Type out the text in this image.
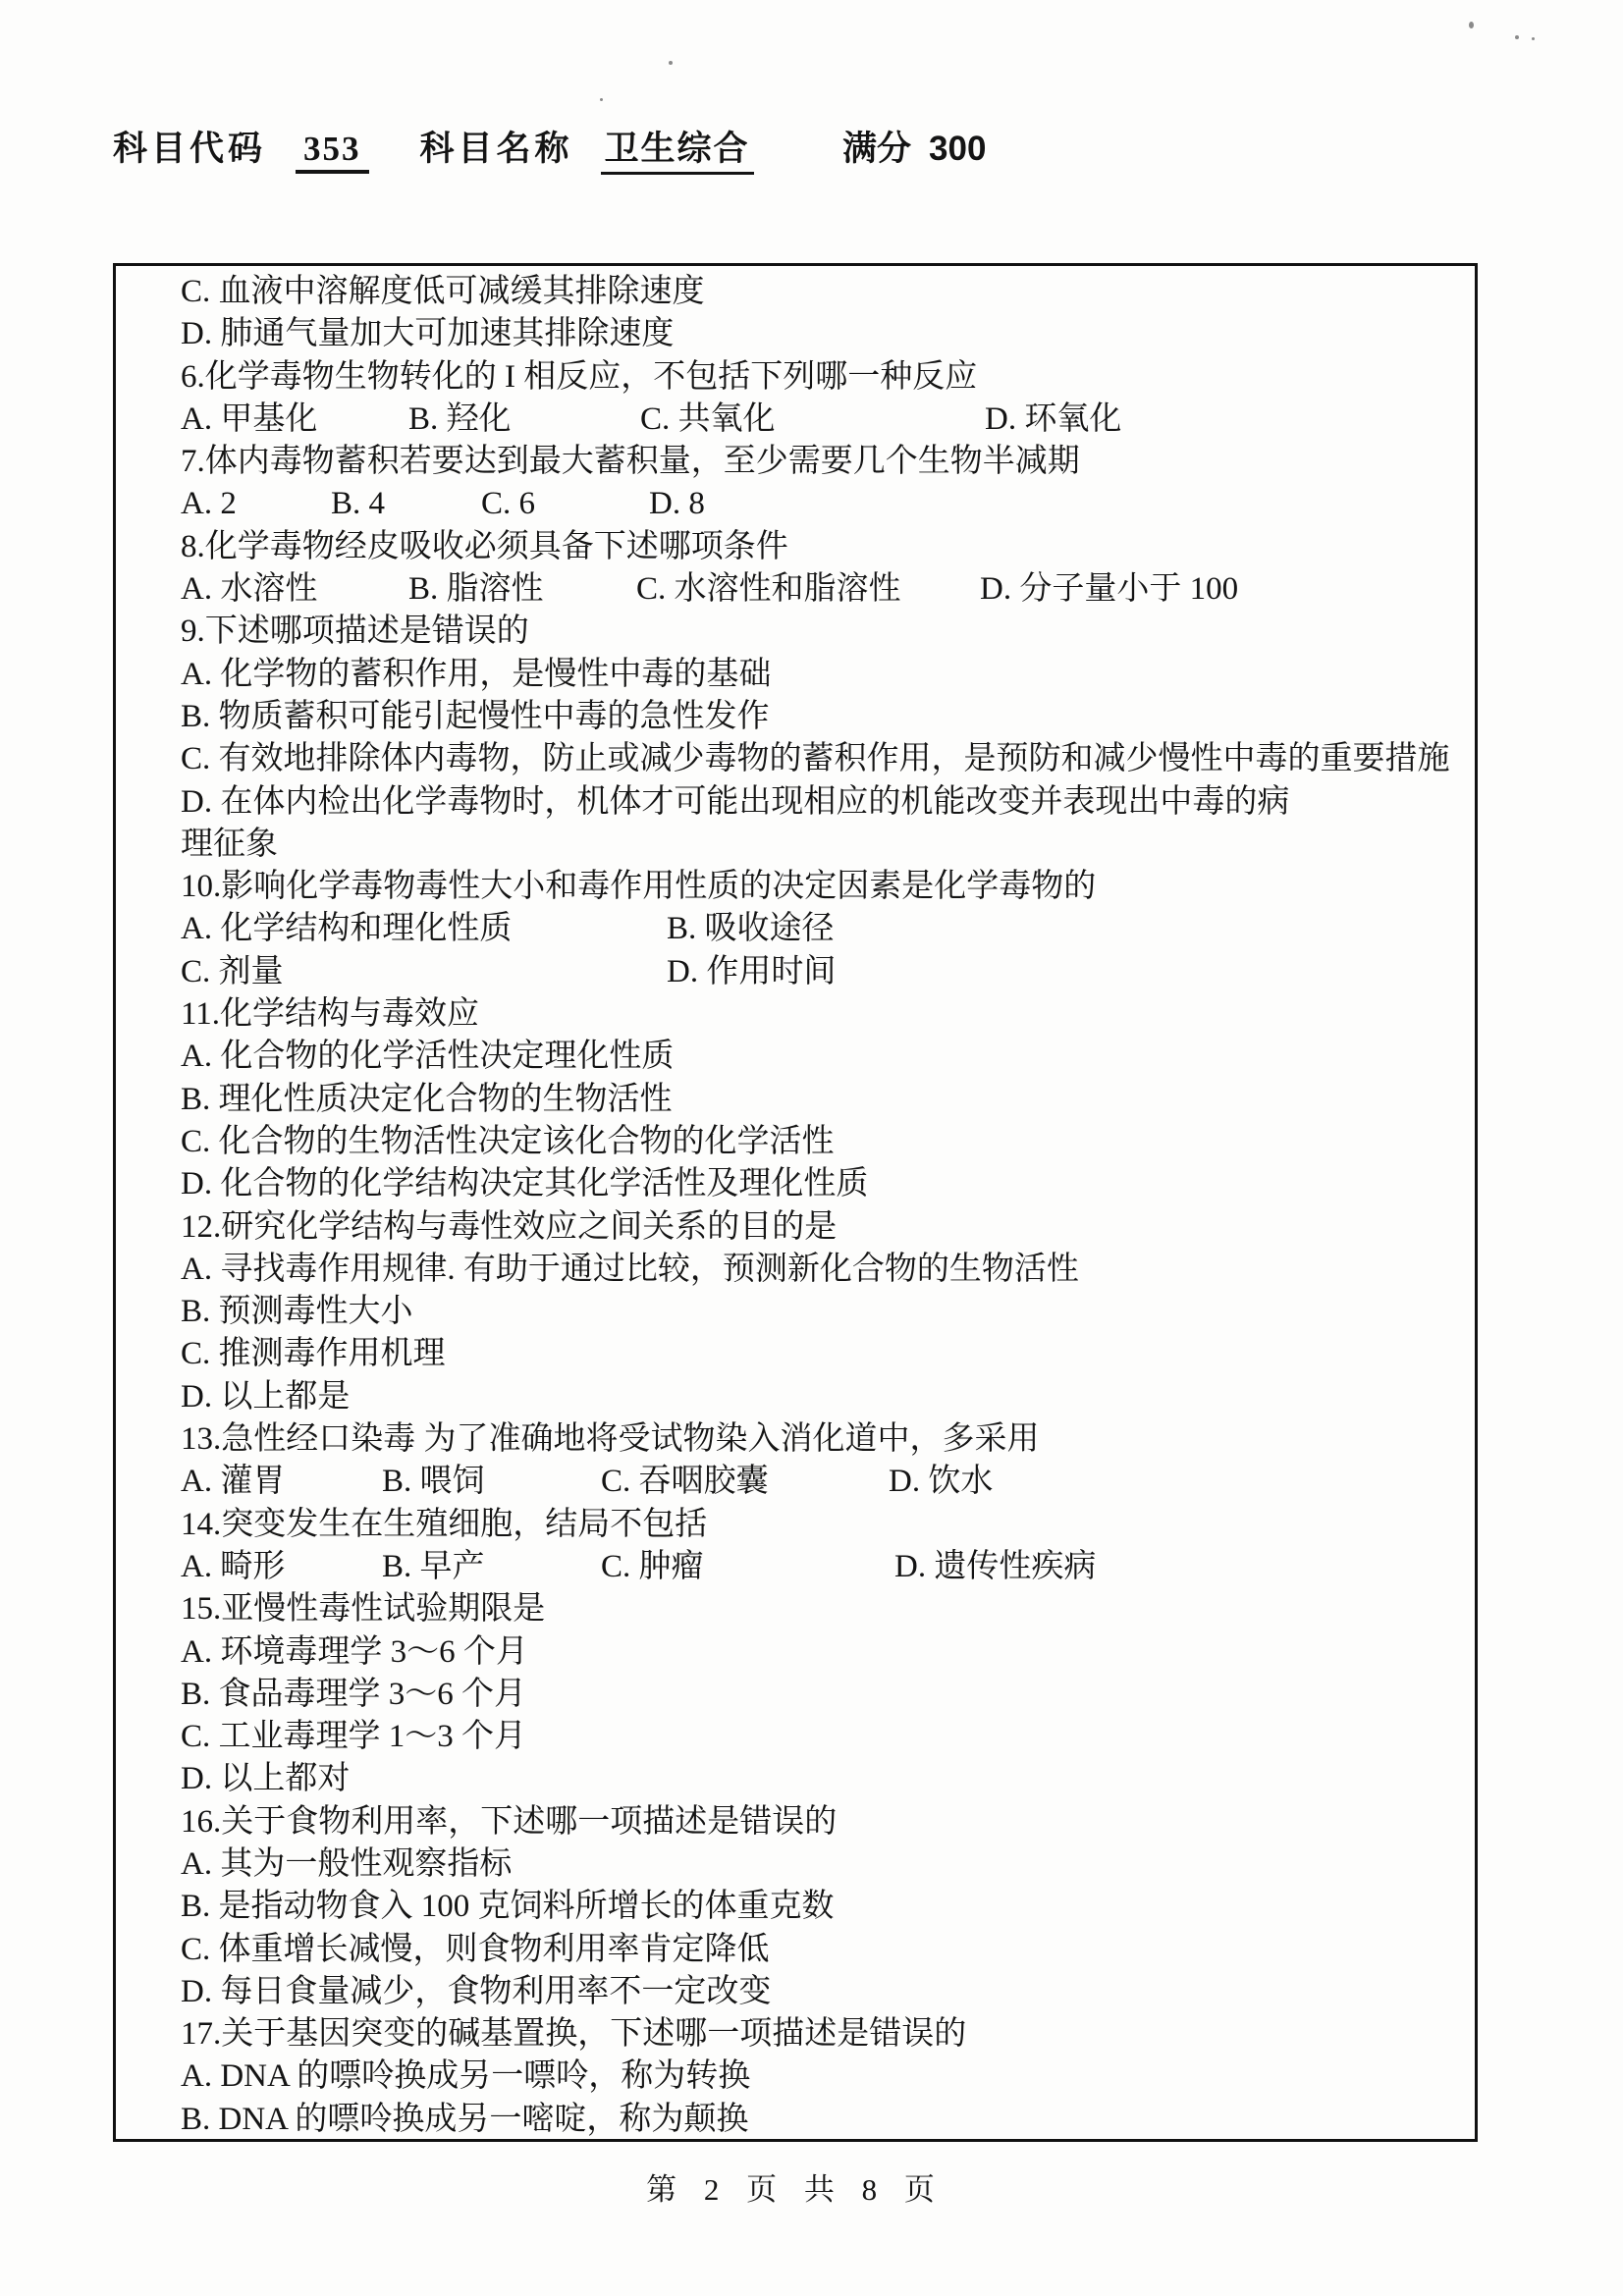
科目代码 353 科目名称 卫生综合	满分 300
C. 血液中溶解度低可减缓其排除速度
D. 肺通气量加大可加速其排除速度
6.化学毒物生物转化的 I 相反应，不包括下列哪一种反应
A. 甲基化	B. 羟化	C. 共氧化	D. 环氧化
7.体内毒物蓄积若要达到最大蓄积量，至少需要几个生物半减期
A. 2	B. 4	C. 6	D. 8
8.化学毒物经皮吸收必须具备下述哪项条件
A. 水溶性	B. 脂溶性	C. 水溶性和脂溶性 D. 分子量小于 100
9.下述哪项描述是错误的
A. 化学物的蓄积作用，是慢性中毒的基础
B. 物质蓄积可能引起慢性中毒的急性发作
C. 有效地排除体内毒物，防止或减少毒物的蓄积作用，是预防和减少慢性中毒的重要措施
D. 在体内检出化学毒物时，机体才可能出现相应的机能改变并表现出中毒的病
理征象
10.影响化学毒物毒性大小和毒作用性质的决定因素是化学毒物的
A. 化学结构和理化性质	B. 吸收途径
C. 剂量	D. 作用时间
11.化学结构与毒效应
A. 化合物的化学活性决定理化性质
B. 理化性质决定化合物的生物活性
C. 化合物的生物活性决定该化合物的化学活性
D. 化合物的化学结构决定其化学活性及理化性质
12.研究化学结构与毒性效应之间关系的目的是
A. 寻找毒作用规律. 有助于通过比较，预测新化合物的生物活性
B. 预测毒性大小
C. 推测毒作用机理
D. 以上都是
13.急性经口染毒 为了准确地将受试物染入消化道中，多采用
A. 灌胃	B. 喂饲	C. 吞咽胶囊	D. 饮水
14.突变发生在生殖细胞，结局不包括
A. 畸形	B. 早产	C. 肿瘤	D. 遗传性疾病
15.亚慢性毒性试验期限是
A. 环境毒理学 3～6 个月
B. 食品毒理学 3～6 个月
C. 工业毒理学 1～3 个月
D. 以上都对
16.关于食物利用率，下述哪一项描述是错误的
A. 其为一般性观察指标
B. 是指动物食入 100 克饲料所增长的体重克数
C. 体重增长减慢，则食物利用率肯定降低
D. 每日食量减少，食物利用率不一定改变
17.关于基因突变的碱基置换，下述哪一项描述是错误的
A. DNA 的嘌呤换成另一嘌呤，称为转换
B. DNA 的嘌呤换成另一嘧啶，称为颠换
第 2 页 共 8 页
